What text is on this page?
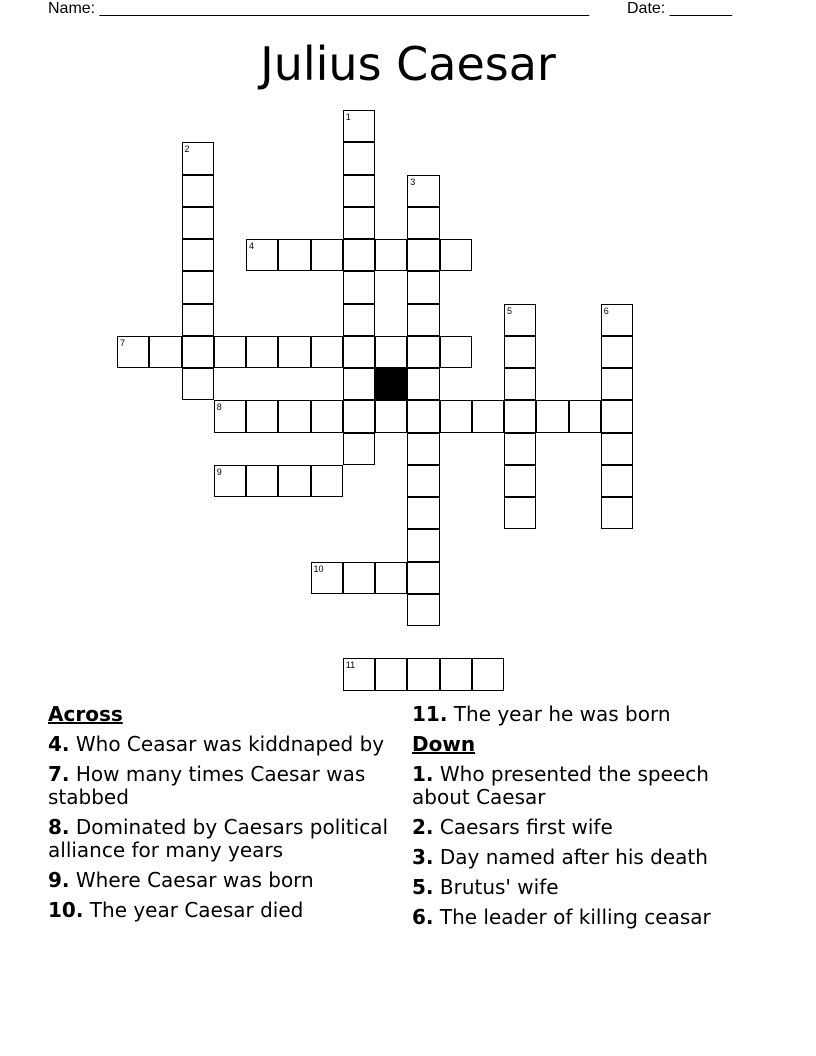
Name: _______________________________________________________ Date: _______
Julius Caesar
1
2
3
4
5	6
7
8
9
10
11
Across
4. Who Ceasar was kiddnaped by
7. How many times Caesar was stabbed
8. Dominated by Caesars political alliance for many years
9. Where Caesar was born
10. The year Caesar died
11. The year he was born
Down
1. Who presented the speech about Caesar
2. Caesars first wife
3. Day named after his death
5. Brutus' wife
6. The leader of killing ceasar
